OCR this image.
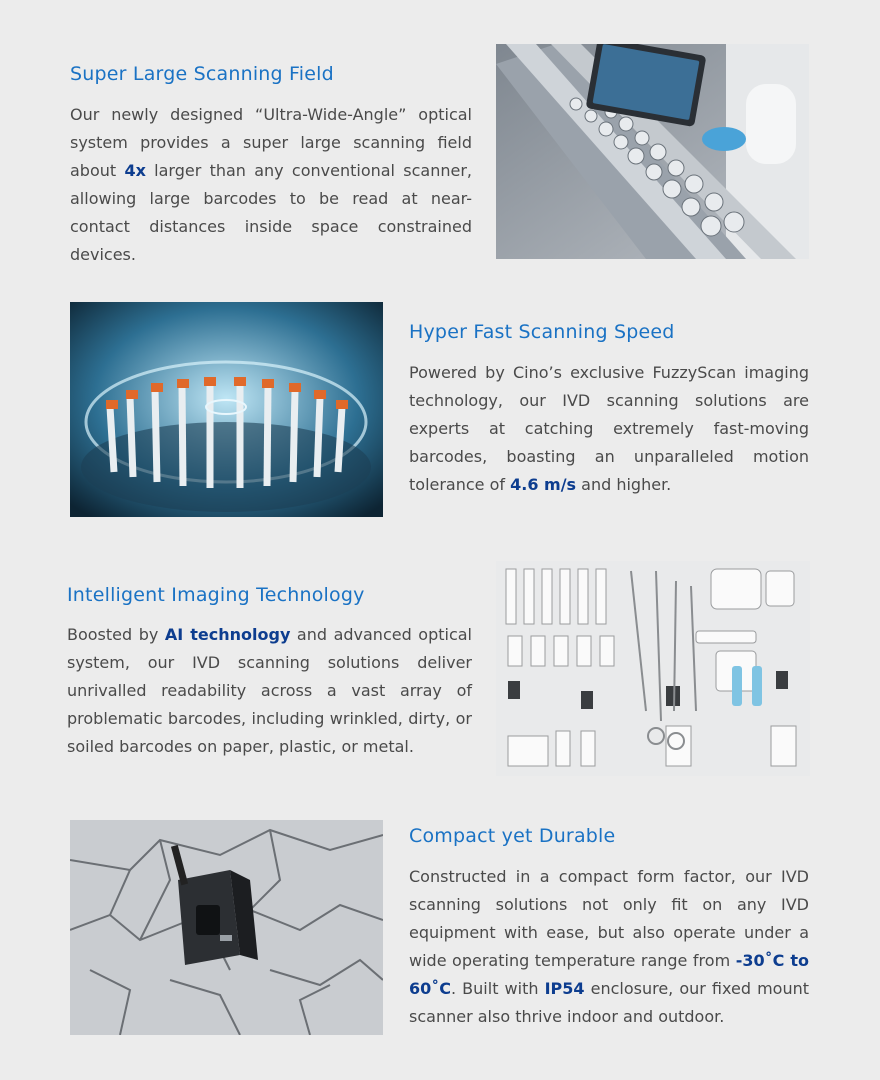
Super Large Scanning Field

Our newly designed “Ultra-Wide-Angle” optical system provides a super large scanning field about 4x larger than any conventional scanner, allowing large barcodes to be read at near-contact distances inside space constrained devices.

Hyper Fast Scanning Speed

Powered by Cino’s exclusive FuzzyScan imaging technology, our IVD scanning solutions are experts at catching extremely fast-moving barcodes, boasting an unparalleled motion tolerance of 4.6 m/s and higher.

Intelligent Imaging Technology

Boosted by AI technology and advanced optical system, our IVD scanning solutions deliver unrivalled readability across a vast array of problematic barcodes, including wrinkled, dirty, or soiled barcodes on paper, plastic, or metal.

Compact yet Durable

Constructed in a compact form factor, our IVD scanning solutions not only fit on any IVD equipment with ease, but also operate under a wide operating temperature range from -30˚C to 60˚C. Built with IP54 enclosure, our fixed mount scanner also thrive indoor and outdoor.
